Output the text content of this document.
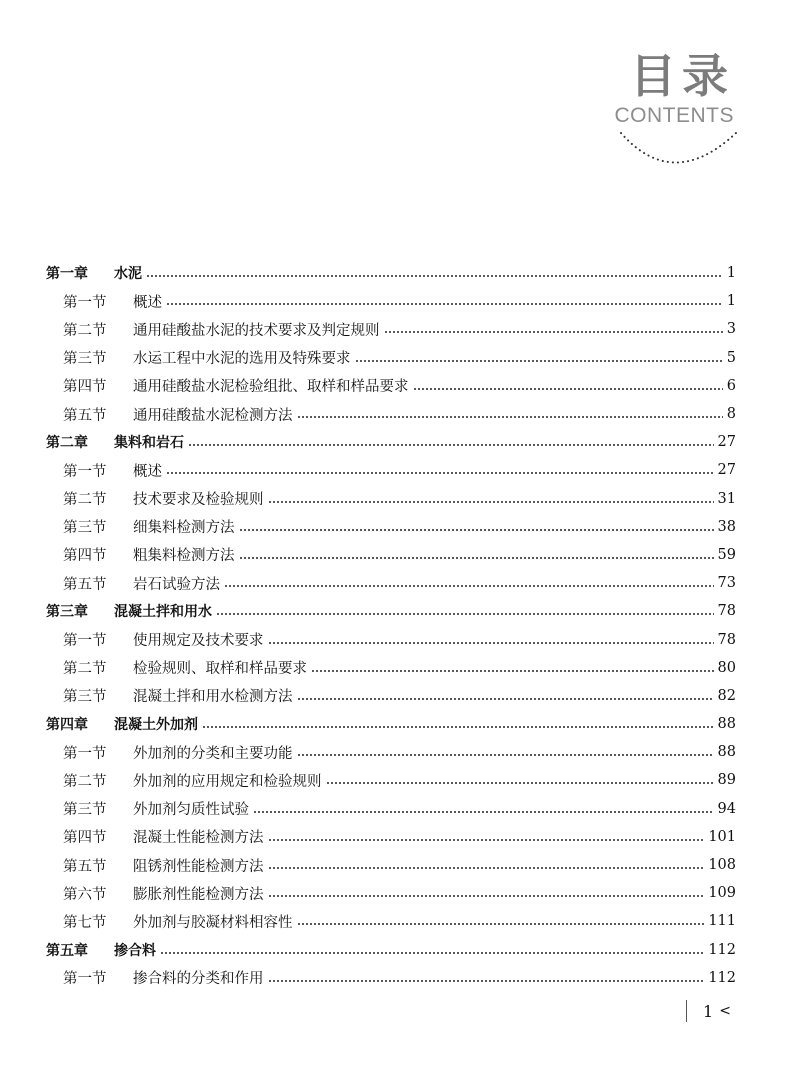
目录
CONTENTS
第一章	水泥	1
第一节	概述	1
第二节	通用硅酸盐水泥的技术要求及判定规则	3
第三节	水运工程中水泥的选用及特殊要求	5
第四节	通用硅酸盐水泥检验组批、取样和样品要求	6
第五节	通用硅酸盐水泥检测方法	8
第二章	集料和岩石	27
第一节	概述	27
第二节	技术要求及检验规则	31
第三节	细集料检测方法	38
第四节	粗集料检测方法	59
第五节	岩石试验方法	73
第三章	混凝土拌和用水	78
第一节	使用规定及技术要求	78
第二节	检验规则、取样和样品要求	80
第三节	混凝土拌和用水检测方法	82
第四章	混凝土外加剂	88
第一节	外加剂的分类和主要功能	88
第二节	外加剂的应用规定和检验规则	89
第三节	外加剂匀质性试验	94
第四节	混凝土性能检测方法	101
第五节	阻锈剂性能检测方法	108
第六节	膨胀剂性能检测方法	109
第七节	外加剂与胶凝材料相容性	111
第五章	掺合料	112
第一节	掺合料的分类和作用	112
1 <
